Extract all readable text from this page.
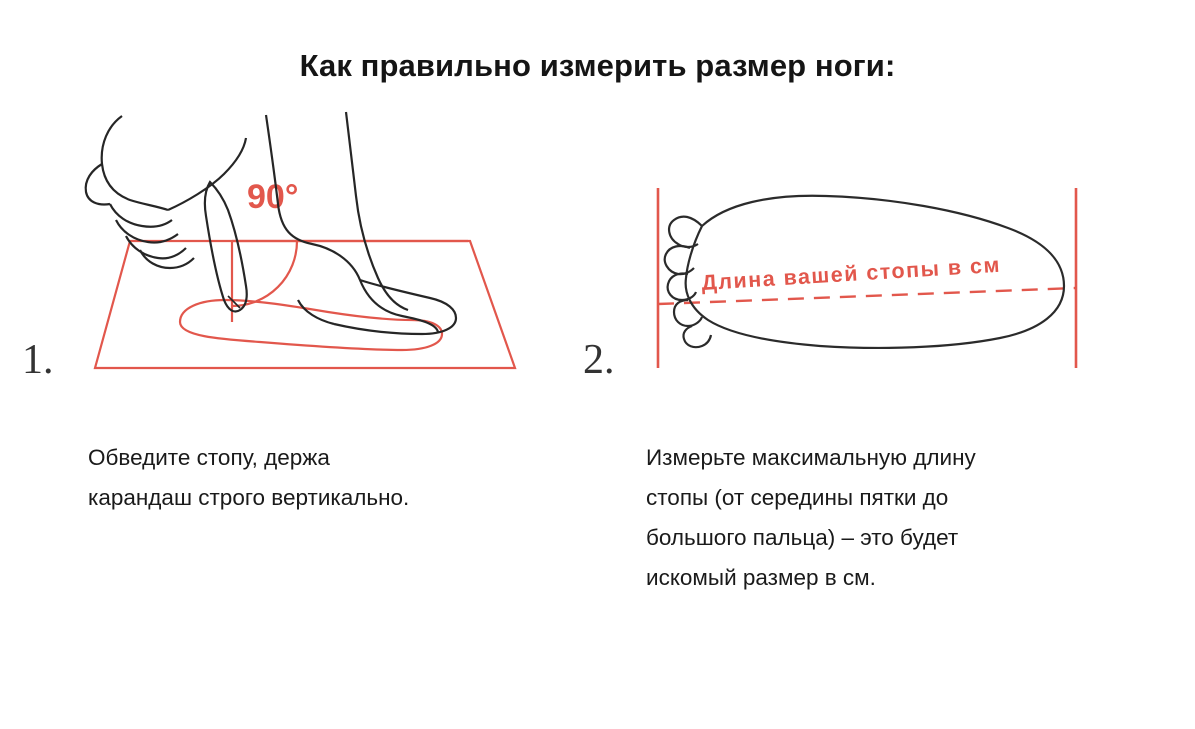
Как правильно измерить размер ноги:
1.
90°
Обведите стопу, держа
карандаш строго вертикально.
2.
Длина вашей стопы в см
Измерьте максимальную длину
стопы (от середины пятки до
большого пальца) – это будет
искомый размер в см.
